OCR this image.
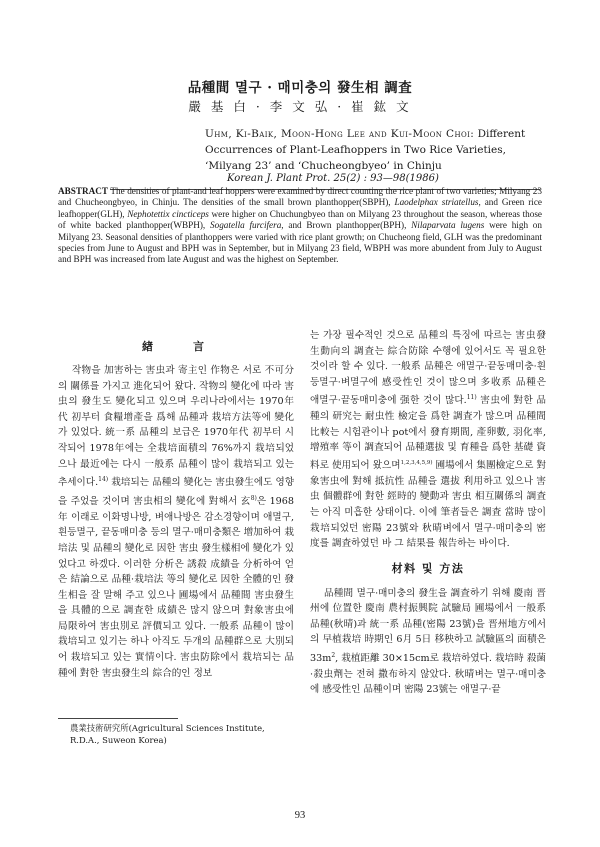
品種間 멸구 · 매미충의 發生相 調査
嚴 基 白 · 李 文 弘 · 崔 鈜 文
Uhm, Ki-Baik, Moon-Hong Lee and Kui-Moon Choi: Different Occurrences of Plant-Leafhoppers in Two Rice Varieties, ‘Milyang 23’ and ‘Chucheongbyeo’ in Chinju
Korean J. Plant Prot. 25(2) : 93—98(1986)
ABSTRACT The densities of plant-and leaf hoppers were examined by direct counting the rice plant of two varieties; Milyang 23 and Chucheongbyeo, in Chinju. The densities of the small brown planthopper(SBPH), Laodelphax striatellus, and Green rice leafhopper(GLH), Nephotettix cincticeps were higher on Chuchungbyeo than on Milyang 23 throughout the season, whereas those of white backed planthopper(WBPH), Sogatella furcifera, and Brown planthopper(BPH), Nilaparvata lugens were high on Milyang 23. Seasonal densities of planthoppers were varied with rice plant growth; on Chucheong field, GLH was the predominant species from June to August and BPH was in September, but in Milyang 23 field, WBPH was more abundent from July to August and BPH was increased from late August and was the highest on September.
緖　　言

작物을 加害하는 害虫과 寄主인 作物은 서로 不可分의 關係를 가지고 進化되어 왔다. 작物의 變化에 따라 害虫의 發生도 變化되고 있으며 우리나라에서는 1970年代 初부터 食糧增產을 爲해 品種과 栽培方法等에 變化가 있었다. 統一系 品種의 보급은 1970年代 初부터 시작되어 1978年에는 全栽培面積의 76%까지 栽培되었으나 最近에는 다시 一般系 品種이 많이 栽培되고 있는 추세이다.$^{14)}$ 栽培되는 品種의 變化는 害虫發生에도 영향을 주었을 것이며 害虫相의 變化에 對해서 玄$^{8)}$은 1968年 이래로 이화명나방, 벼애나방은 감소경향이며 애멸구, 흰등멸구, 끝동매미충 등의 멸구·매미충類은 增加하여 栽培法 및 品種의 變化로 因한 害虫 發生樣相에 變化가 있었다고 하겠다. 이러한 分析은 誘殺 成績을 分析하여 얻은 結論으로 品種·栽培法 等의 變化로 因한 全體的인 發生相을 잘 말해 주고 있으나 圃場에서 品種間 害虫發生을 具體的으로 調査한 成績은 많지 않으며 對象害虫에 局限하여 害虫別로 評價되고 있다. 一般系 品種이 많이 栽培되고 있기는 하나 아직도 두개의 品種群으로 大別되어 栽培되고 있는 實情이다. 害虫防除에서 栽培되는 品種에 對한 害虫發生의 綜合的인 정보

는 가장 필수적인 것으로 品種의 특징에 따르는 害虫發生動向의 調査는 綜合防除 수행에 있어서도 꼭 필요한 것이라 할 수 있다. 一般系 品種은 애멸구·끝동매미충·흰등멸구·벼멸구에 感受性인 것이 많으며 多收系 品種은 애멸구·끝동매미충에 强한 것이 많다.$^{11)}$ 害虫에 對한 品種의 研究는 耐虫性 檢定을 爲한 調査가 많으며 品種間比較는 시험관이나 pot에서 發育期間, 產卵數, 羽化率, 增殖率 等이 調査되어 品種選拔 및 育種을 爲한 基礎 資料로 使用되어 왔으며$^{1,2,3,4,5,9)}$ 圃場에서 集團檢定으로 對象害虫에 對해 抵抗性 品種을 選拔 利用하고 있으나 害虫 個體群에 對한 經時的 變動과 害虫 相互關係의 調査는 아직 미흡한 상태이다. 이에 筆者들은 調査 當時 많이 栽培되었던 密陽 23號와 秋晴벼에서 멸구·매미충의 密度를 調査하였던 바 그 結果를 報告하는 바이다.

材料 및 方法

品種間 멸구·매미충의 發生을 調査하기 위해 慶南 晋州에 位置한 慶南 農村振興院 試驗局 圃場에서 一般系 品種(秋晴)과 統一系 品種(密陽 23號)을 晋州地方에서의 早植栽培 時期인 6月 5日 移秧하고 試驗區의 面積은 $33m^2$, 栽植距離 30×15cm로 栽培하였다. 栽培時 殺菌·殺虫劑는 전혀 撒布하지 않았다. 秋晴벼는 멸구·매미충에 感受性인 品種이며 密陽 23號는 애멸구·끝

農業技術研究所(Agricultural Sciences Institute, R.D.A., Suweon Korea)
93
